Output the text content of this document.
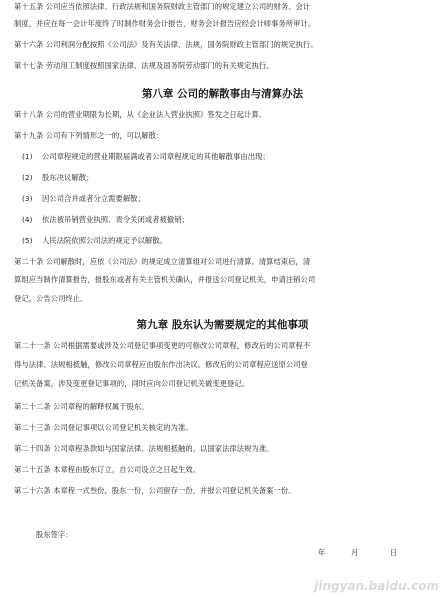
第十五条 公司应当依照法律、行政法规和国务院财政主管部门的规定建立公司的财务、会计
制度，并应在每一会计年度终了时制作财务会计报告，财务会计报告应经会计师事务所审计。
第十六条 公司利润分配按照《公司法》及有关法律、法规，国务院财政主管部门的规定执行。
第十七条 劳动用工制度按照国家法律、法规及国务院劳动部门的有关规定执行。
第八章 公司的解散事由与清算办法
第十八条 公司的营业期限为长期，从《企业法人营业执照》签发之日起计算。
第十九条 公司有下列情形之一的，可以解散：
(1) 公司章程规定的营业期限届满或者公司章程规定的其他解散事由出现；
(2) 股东决议解散；
(3) 因公司合并或者分立需要解散；
(4) 依法被吊销营业执照、责令关闭或者被撤销；
(5) 人民法院依照公司法的规定予以解散。
第二十条 公司解散时，应依《公司法》的规定成立清算组对公司进行清算。清算结束后，清
算组应当制作清算报告，报股东或者有关主管机关确认，并报送公司登记机关，申请注销公司
登记，公告公司终止。
第九章 股东认为需要规定的其他事项
第二十一条 公司根据需要或涉及公司登记事项变更的可修改公司章程，修改后的公司章程不
得与法律、法规相抵触，修改公司章程应由股东作出决议。修改后的公司章程应送原公司登
记机关备案，涉及变更登记事项的，同时应向公司登记机关做变更登记。
第二十二条 公司章程的解释权属于股东。
第二十三条 公司登记事项以公司登记机关核定的为准。
第二十四条 公司章程条款如与国家法律、法规相抵触的，以国家法律法规为准。
第二十五条 本章程由股东订立，自公司设立之日起生效。
第二十六条 本章程一式叁份，股东一份，公司留存一份，并报公司登记机关备案一份。
股东签字：
年	月	日
jingyan.baidu.com
